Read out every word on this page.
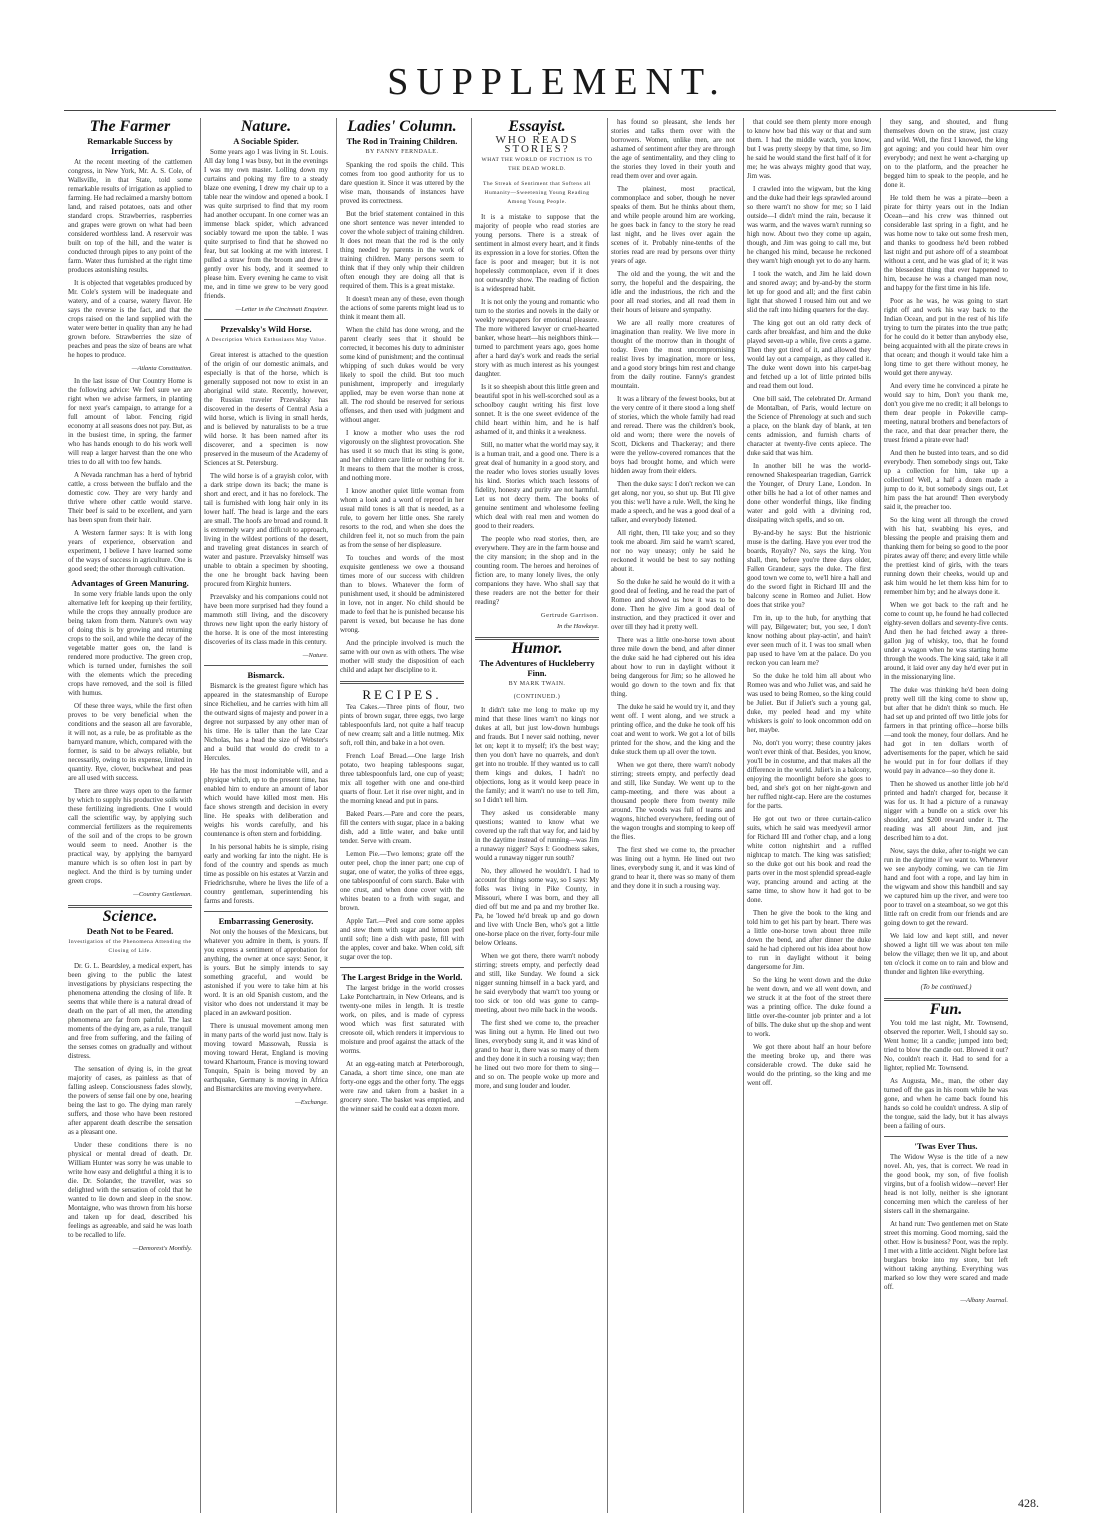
SUPPLEMENT.
The Farmer
Remarkable Success by Irrigation.

At the recent meeting of the cattlemen congress, in New York, Mr. A. S. Cole, of Wallsville, in that State, told some remarkable results of irrigation as applied to farming. He had reclaimed a marshy bottom land, and raised potatoes, oats and other standard crops. Strawberries, raspberries and grapes were grown on what had been considered worthless land. A reservoir was built on top of the hill, and the water is conducted through pipes to any point of the farm. Water thus furnished at the right time produces astonishing results.

It is objected that vegetables produced by Mr. Cole's system will be inadequate and watery, and of a coarse, watery flavor. He says the reverse is the fact, and that the crops raised on the land supplied with the water were better in quality than any he had grown before. Strawberries the size of peaches and peas the size of beans are what he hopes to produce.

—Atlanta Constitution.

In the last issue of Our Country Home is the following advice: We feel sure we are right when we advise farmers, in planting for next year's campaign, to arrange for a full amount of labor. Fencing rigid economy at all seasons does not pay. But, as in the busiest time, in spring, the farmer who has hands enough to do his work well will reap a larger harvest than the one who tries to do all with too few hands.

A Nevada ranchman has a herd of hybrid cattle, a cross between the buffalo and the domestic cow. They are very hardy and thrive where other cattle would starve. Their beef is said to be excellent, and yarn has been spun from their hair.

A Western farmer says: It is with long years of experience, observation and experiment, I believe I have learned some of the ways of success in agriculture. One is good seed; the other thorough cultivation.

Advantages of Green Manuring.

In some very friable lands upon the only alternative left for keeping up their fertility, while the crops they annually produce are being taken from them. Nature's own way of doing this is by growing and returning crops to the soil, and while the decay of the vegetable matter goes on, the land is rendered more productive. The green crop, which is turned under, furnishes the soil with the elements which the preceding crops have removed, and the soil is filled with humus.

Of these three ways, while the first often proves to be very beneficial when the conditions and the season all are favorable, it will not, as a rule, be as profitable as the barnyard manure, which, compared with the former, is said to be always reliable, but necessarily, owing to its expense, limited in quantity. Rye, clover, buckwheat and peas are all used with success.

There are three ways open to the farmer by which to supply his productive soils with these fertilizing ingredients. One I would call the scientific way, by applying such commercial fertilizers as the requirements of the soil and of the crops to be grown would seem to need. Another is the practical way, by applying the barnyard manure which is so often lost in part by neglect. And the third is by turning under green crops.

—Country Gentleman.
Science.
Death Not to be Feared.
Investigation of the Phenomena Attending the Closing of Life.

Dr. G. L. Beardsley, a medical expert, has been giving to the public the latest investigations by physicians respecting the phenomena attending the closing of life. It seems that while there is a natural dread of death on the part of all men, the attending phenomena are far from painful. The last moments of the dying are, as a rule, tranquil and free from suffering, and the failing of the senses comes on gradually and without distress.

The sensation of dying is, in the great majority of cases, as painless as that of falling asleep. Consciousness fades slowly, the powers of sense fail one by one, hearing being the last to go. The dying man rarely suffers, and those who have been restored after apparent death describe the sensation as a pleasant one.

Under these conditions there is no physical or mental dread of death. Dr. William Hunter was sorry he was unable to write how easy and delightful a thing it is to die. Dr. Solander, the traveller, was so delighted with the sensation of cold that he wanted to lie down and sleep in the snow. Montaigne, who was thrown from his horse and taken up for dead, described his feelings as agreeable, and said he was loath to be recalled to life.

—Demorest's Monthly.
Nature.
A Sociable Spider.

Some years ago I was living in St. Louis. All day long I was busy, but in the evenings I was my own master. Lolling down my curtains and poking my fire to a steady blaze one evening, I drew my chair up to a table near the window and opened a book. I was quite surprised to find that my room had another occupant. In one corner was an immense black spider, which advanced sociably toward me upon the table. I was quite surprised to find that he showed no fear, but sat looking at me with interest. I pulled a straw from the broom and drew it gently over his body, and it seemed to please him. Every evening he came to visit me, and in time we grew to be very good friends.

—Letter in the Cincinnati Enquirer.
Przevalsky's Wild Horse.
A Description Which Enthusiasts May Value.

Great interest is attached to the question of the origin of our domestic animals, and especially is that of the horse, which is generally supposed not now to exist in an aboriginal wild state. Recently, however, the Russian traveler Przevalsky has discovered in the deserts of Central Asia a wild horse, which is living in small herds, and is believed by naturalists to be a true wild horse. It has been named after its discoverer, and a specimen is now preserved in the museum of the Academy of Sciences at St. Petersburg.

The wild horse is of a grayish color, with a dark stripe down its back; the mane is short and erect, and it has no forelock. The tail is furnished with long hair only in its lower half. The head is large and the ears are small. The hoofs are broad and round. It is extremely wary and difficult to approach, living in the wildest portions of the desert, and traveling great distances in search of water and pasture. Przevalsky himself was unable to obtain a specimen by shooting, the one he brought back having been procured from Kirghiz hunters.

Przevalsky and his companions could not have been more surprised had they found a mammoth still living, and the discovery throws new light upon the early history of the horse. It is one of the most interesting discoveries of its class made in this century.

—Nature.
Bismarck.

Bismarck is the greatest figure which has appeared in the statesmanship of Europe since Richelieu, and he carries with him all the outward signs of majesty and power in a degree not surpassed by any other man of his time. He is taller than the late Czar Nicholas, has a head the size of Webster's and a build that would do credit to a Hercules.

He has the most indomitable will, and a physique which, up to the present time, has enabled him to endure an amount of labor which would have killed most men. His face shows strength and decision in every line. He speaks with deliberation and weighs his words carefully, and his countenance is often stern and forbidding.

In his personal habits he is simple, rising early and working far into the night. He is fond of the country and spends as much time as possible on his estates at Varzin and Friedrichsruhe, where he lives the life of a country gentleman, superintending his farms and forests.

Embarrassing Generosity.

Not only the houses of the Mexicans, but whatever you admire in them, is yours. If you express a sentiment of approbation for anything, the owner at once says: Senor, it is yours. But he simply intends to say something graceful, and would be astonished if you were to take him at his word. It is an old Spanish custom, and the visitor who does not understand it may be placed in an awkward position.

There is unusual movement among men in many parts of the world just now. Italy is moving toward Massowah, Russia is moving toward Herat, England is moving toward Khartoum, France is moving toward Tonquin, Spain is being moved by an earthquake, Germany is moving in Africa and Bismarckites are moving everywhere.

—Exchange.
Ladies' Column.
The Rod in Training Children.
BY FANNY FERNDALE.

Spanking the rod spoils the child. This comes from too good authority for us to dare question it. Since it was uttered by the wise man, thousands of instances have proved its correctness.

But the brief statement contained in this one short sentence was never intended to cover the whole subject of training children. It does not mean that the rod is the only thing needed by parents in the work of training children. Many persons seem to think that if they only whip their children often enough they are doing all that is required of them. This is a great mistake.

It doesn't mean any of these, even though the actions of some parents might lead us to think it meant them all.

When the child has done wrong, and the parent clearly sees that it should be corrected, it becomes his duty to administer some kind of punishment; and the continual whipping of such dukes would be very likely to spoil the child. But too much punishment, improperly and irregularly applied, may be even worse than none at all. The rod should be reserved for serious offenses, and then used with judgment and without anger.

I know a mother who uses the rod vigorously on the slightest provocation. She has used it so much that its sting is gone, and her children care little or nothing for it. It means to them that the mother is cross, and nothing more.

I know another quiet little woman from whom a look and a word of reproof in her usual mild tones is all that is needed, as a rule, to govern her little ones. She rarely resorts to the rod, and when she does the children feel it, not so much from the pain as from the sense of her displeasure.

To touches and words of the most exquisite gentleness we owe a thousand times more of our success with children than to blows. Whatever the form of punishment used, it should be administered in love, not in anger. No child should be made to feel that he is punished because his parent is vexed, but because he has done wrong.

And the principle involved is much the same with our own as with others. The wise mother will study the disposition of each child and adapt her discipline to it.

RECIPES.

Tea Cakes.—Three pints of flour, two pints of brown sugar, three eggs, two large tablespoonfuls lard, not quite a half teacup of new cream; salt and a little nutmeg. Mix soft, roll thin, and bake in a hot oven.

French Loaf Bread.—One large Irish potato, two heaping tablespoons sugar, three tablespoonfuls lard, one cup of yeast; mix all together with one and one-third quarts of flour. Let it rise over night, and in the morning knead and put in pans.

Baked Pears.—Pare and core the pears, fill the centers with sugar, place in a baking dish, add a little water, and bake until tender. Serve with cream.

Lemon Pie.—Two lemons; grate off the outer peel, chop the inner part; one cup of sugar, one of water, the yolks of three eggs, one tablespoonful of corn starch. Bake with one crust, and when done cover with the whites beaten to a froth with sugar, and brown.

Apple Tart.—Peel and core some apples and stew them with sugar and lemon peel until soft; line a dish with paste, fill with the apples, cover and bake. When cold, sift sugar over the top.

The Largest Bridge in the World.

The largest bridge in the world crosses Lake Pontchartrain, in New Orleans, and is twenty-one miles in length. It is trestle work, on piles, and is made of cypress wood which was first saturated with creosote oil, which renders it impervious to moisture and proof against the attack of the worms.

At an egg-eating match at Peterborough, Canada, a short time since, one man ate forty-one eggs and the other forty. The eggs were raw and taken from a basket in a grocery store. The basket was emptied, and the winner said he could eat a dozen more.

Essayist.
WHO READS STORIES?
WHAT THE WORLD OF FICTION IS TO THE DEAD WORLD.
The Streak of Sentiment that Softens all Humanity—Sweetening Young Reading Among Young People.

It is a mistake to suppose that the majority of people who read stories are young persons. There is a streak of sentiment in almost every heart, and it finds its expression in a love for stories. Often the face is poor and meager; but it is not hopelessly commonplace, even if it does not outwardly show. The reading of fiction is a widespread habit.

It is not only the young and romantic who turn to the stories and novels in the daily or weekly newspapers for emotional pleasure. The more withered lawyer or cruel-hearted banker, whose heart—his neighbors think—turned to parchment years ago, goes home after a hard day's work and reads the serial story with as much interest as his youngest daughter.

Is it so sheepish about this little green and beautiful spot in his well-scorched soul as a schoolboy caught writing his first love sonnet. It is the one sweet evidence of the child heart within him, and he is half ashamed of it, and thinks it a weakness.

Still, no matter what the world may say, it is a human trait, and a good one. There is a great deal of humanity in a good story, and the reader who loves stories usually loves his kind. Stories which teach lessons of fidelity, honesty and purity are not harmful. Let us not decry them. The books of genuine sentiment and wholesome feeling which deal with real men and women do good to their readers.

The people who read stories, then, are everywhere. They are in the farm house and the city mansion; in the shop and in the counting room. The heroes and heroines of fiction are, to many lonely lives, the only companions they have. Who shall say that these readers are not the better for their reading?

Gertrude Garrison.
In the Hawkeye.
Humor.
The Adventures of Huckleberry Finn.
BY MARK TWAIN.
(CONTINUED.)

It didn't take me long to make up my mind that these lines warn't no kings nor dukes at all, but just low-down humbugs and frauds. But I never said nothing, never let on; kept it to myself; it's the best way; then you don't have no quarrels, and don't get into no trouble. If they wanted us to call them kings and dukes, I hadn't no objections, long as it would keep peace in the family; and it warn't no use to tell Jim, so I didn't tell him.

They asked us considerable many questions; wanted to know what we covered up the raft that way for, and laid by in the daytime instead of running—was Jim a runaway nigger? Says I: Goodness sakes, would a runaway nigger run south?

No, they allowed he wouldn't. I had to account for things some way, so I says: My folks was living in Pike County, in Missouri, where I was born, and they all died off but me and pa and my brother Ike. Pa, he 'lowed he'd break up and go down and live with Uncle Ben, who's got a little one-horse place on the river, forty-four mile below Orleans.

When we got there, there warn't nobody stirring; streets empty, and perfectly dead and still, like Sunday. We found a sick nigger sunning himself in a back yard, and he said everybody that warn't too young or too sick or too old was gone to camp-meeting, about two mile back in the woods.

The first shed we come to, the preacher was lining out a hymn. He lined out two lines, everybody sung it, and it was kind of grand to hear it, there was so many of them and they done it in such a rousing way; then he lined out two more for them to sing—and so on. The people woke up more and more, and sung louder and louder.

has found so pleasant, she lends her stories and talks them over with the borrowers. Women, unlike men, are not ashamed of sentiment after they are through the age of sentimentality, and they cling to the stories they loved in their youth and read them over and over again.

The plainest, most practical, commonplace and sober, though he never speaks of them. But he thinks about them, and while people around him are working, he goes back in fancy to the story he read last night, and he lives over again the scenes of it. Probably nine-tenths of the stories read are read by persons over thirty years of age.

The old and the young, the wit and the sorry, the hopeful and the despairing, the idle and the industrious, the rich and the poor all read stories, and all read them in their hours of leisure and sympathy.

We are all really more creatures of imagination than reality. We live more in thought of the morrow than in thought of today. Even the most uncompromising realist lives by imagination, more or less, and a good story brings him rest and change from the daily routine. Fanny's grandest mountain.

It was a library of the fewest books, but at the very centre of it there stood a long shelf of stories, which the whole family had read and reread. There was the children's book, old and worn; there were the novels of Scott, Dickens and Thackeray; and there were the yellow-covered romances that the boys had brought home, and which were hidden away from their elders.

Then the duke says: I don't reckon we can get along, nor you, so shut up. But I'll give you this: we'll have a rule. Well, the king he made a speech, and he was a good deal of a talker, and everybody listened.

All right, then, I'll take you; and so they took me aboard. Jim said he warn't scared, nor no way uneasy; only he said he reckoned it would be best to say nothing about it.

So the duke he said he would do it with a good deal of feeling, and he read the part of Romeo and showed us how it was to be done. Then he give Jim a good deal of instruction, and they practiced it over and over till they had it pretty well.

There was a little one-horse town about three mile down the bend, and after dinner the duke said he had ciphered out his idea about how to run in daylight without it being dangerous for Jim; so he allowed he would go down to the town and fix that thing.

The duke he said he would try it, and they went off. I went along, and we struck a printing office, and the duke he took off his coat and went to work. We got a lot of bills printed for the show, and the king and the duke stuck them up all over the town.

When we got there, there warn't nobody stirring; streets empty, and perfectly dead and still, like Sunday. We went up to the camp-meeting, and there was about a thousand people there from twenty mile around. The woods was full of teams and wagons, hitched everywhere, feeding out of the wagon troughs and stomping to keep off the flies.

The first shed we come to, the preacher was lining out a hymn. He lined out two lines, everybody sung it, and it was kind of grand to hear it, there was so many of them and they done it in such a rousing way.

that could see them plenty more enough to know how bad this way or that and sum them. I had the middle watch, you know, but I was pretty sleepy by that time, so Jim he said he would stand the first half of it for me; he was always mighty good that way, Jim was.

I crawled into the wigwam, but the king and the duke had their legs sprawled around so there warn't no show for me; so I laid outside—I didn't mind the rain, because it was warm, and the waves warn't running so high now. About two they come up again, though, and Jim was going to call me, but he changed his mind, because he reckoned they warn't high enough yet to do any harm.

I took the watch, and Jim he laid down and snored away; and by-and-by the storm let up for good and all; and the first cabin light that showed I roused him out and we slid the raft into hiding quarters for the day.

The king got out an old ratty deck of cards after breakfast, and him and the duke played seven-up a while, five cents a game. Then they got tired of it, and allowed they would lay out a campaign, as they called it. The duke went down into his carpet-bag and fetched up a lot of little printed bills and read them out loud.

One bill said, The celebrated Dr. Armand de Montalban, of Paris, would lecture on the Science of Phrenology at such and such a place, on the blank day of blank, at ten cents admission, and furnish charts of character at twenty-five cents apiece. The duke said that was him.

In another bill he was the world-renowned Shakespearian tragedian, Garrick the Younger, of Drury Lane, London. In other bills he had a lot of other names and done other wonderful things, like finding water and gold with a divining rod, dissipating witch spells, and so on.

By-and-by he says: But the histrionic muse is the darling. Have you ever trod the boards, Royalty? No, says the king. You shall, then, before you're three days older, Fallen Grandeur, says the duke. The first good town we come to, we'll hire a hall and do the sword fight in Richard III and the balcony scene in Romeo and Juliet. How does that strike you?

I'm in, up to the hub, for anything that will pay, Bilgewater; but, you see, I don't know nothing about play-actin', and hain't ever seen much of it. I was too small when pap used to have 'em at the palace. Do you reckon you can learn me?

So the duke he told him all about who Romeo was and who Juliet was, and said he was used to being Romeo, so the king could be Juliet. But if Juliet's such a young gal, duke, my peeled head and my white whiskers is goin' to look oncommon odd on her, maybe.

No, don't you worry; these country jakes won't ever think of that. Besides, you know, you'll be in costume, and that makes all the difference in the world. Juliet's in a balcony, enjoying the moonlight before she goes to bed, and she's got on her night-gown and her ruffled night-cap. Here are the costumes for the parts.

He got out two or three curtain-calico suits, which he said was meedyevil armor for Richard III and t'other chap, and a long white cotton nightshirt and a ruffled nightcap to match. The king was satisfied; so the duke got out his book and read the parts over in the most splendid spread-eagle way, prancing around and acting at the same time, to show how it had got to be done.

Then he give the book to the king and told him to get his part by heart. There was a little one-horse town about three mile down the bend, and after dinner the duke said he had ciphered out his idea about how to run in daylight without it being dangersome for Jim.

So the king he went down and the duke he went down, and we all went down, and we struck it at the foot of the street there was a printing office. The duke found a little over-the-counter job printer and a lot of bills. The duke shut up the shop and went to work.

We got there about half an hour before the meeting broke up, and there was considerable crowd. The duke said he would do the printing, so the king and me went off.

they sang, and shouted, and flung themselves down on the straw, just crazy and wild. Well, the first I knowed, the king got agoing; and you could hear him over everybody; and next he went a-charging up on to the platform, and the preacher he begged him to speak to the people, and he done it.

He told them he was a pirate—been a pirate for thirty years out in the Indian Ocean—and his crew was thinned out considerable last spring in a fight, and he was home now to take out some fresh men, and thanks to goodness he'd been robbed last night and put ashore off of a steamboat without a cent, and he was glad of it; it was the blessedest thing that ever happened to him, because he was a changed man now, and happy for the first time in his life.

Poor as he was, he was going to start right off and work his way back to the Indian Ocean, and put in the rest of his life trying to turn the pirates into the true path; for he could do it better than anybody else, being acquainted with all the pirate crews in that ocean; and though it would take him a long time to get there without money, he would get there anyway.

And every time he convinced a pirate he would say to him, Don't you thank me, don't you give me no credit; it all belongs to them dear people in Pokeville camp-meeting, natural brothers and benefactors of the race, and that dear preacher there, the truest friend a pirate ever had!

And then he busted into tears, and so did everybody. Then somebody sings out, Take up a collection for him, take up a collection! Well, a half a dozen made a jump to do it, but somebody sings out, Let him pass the hat around! Then everybody said it, the preacher too.

So the king went all through the crowd with his hat, swabbing his eyes, and blessing the people and praising them and thanking them for being so good to the poor pirates away off there; and every little while the prettiest kind of girls, with the tears running down their cheeks, would up and ask him would he let them kiss him for to remember him by; and he always done it.

When we got back to the raft and he come to count up, he found he had collected eighty-seven dollars and seventy-five cents. And then he had fetched away a three-gallon jug of whisky, too, that he found under a wagon when he was starting home through the woods. The king said, take it all around, it laid over any day he'd ever put in in the missionarying line.

The duke was thinking he'd been doing pretty well till the king come to show up, but after that he didn't think so much. He had set up and printed off two little jobs for farmers in that printing office—horse bills—and took the money, four dollars. And he had got in ten dollars worth of advertisements for the paper, which he said he would put in for four dollars if they would pay in advance—so they done it.

Then he showed us another little job he'd printed and hadn't charged for, because it was for us. It had a picture of a runaway nigger with a bundle on a stick over his shoulder, and $200 reward under it. The reading was all about Jim, and just described him to a dot.

Now, says the duke, after to-night we can run in the daytime if we want to. Whenever we see anybody coming, we can tie Jim hand and foot with a rope, and lay him in the wigwam and show this handbill and say we captured him up the river, and were too poor to travel on a steamboat, so we got this little raft on credit from our friends and are going down to get the reward.

We laid low and kept still, and never showed a light till we was about ten mile below the village; then we lit up, and about ten o'clock it come on to rain and blow and thunder and lighten like everything.

(To be continued.)
Fun.

You told me last night, Mr. Townsend, observed the reporter. Well, I should say so. Went home; lit a candle; jumped into bed; tried to blow the candle out. Blowed it out? No, couldn't reach it. Had to send for a lighter, replied Mr. Townsend.

As Augusta, Me., man, the other day turned off the gas in his room while he was gone, and when he came back found his hands so cold he couldn't undress. A slip of the tongue, said the lady, but it has always been a failing of ours.

'Twas Ever Thus.

The Widow Wyse is the title of a new novel. Ah, yes, that is correct. We read in the good book, my son, of five foolish virgins, but of a foolish widow—never! Her head is not lolly, neither is she ignorant concerning men which the careless of her sisters call in the shemargaine.

At hand run: Two gentlemen met on State street this morning. Good morning, said the other. How is business? Poor, was the reply. I met with a little accident. Night before last burglars broke into my store, but left without taking anything. Everything was marked so low they were scared and made off.

—Albany Journal.
428.
